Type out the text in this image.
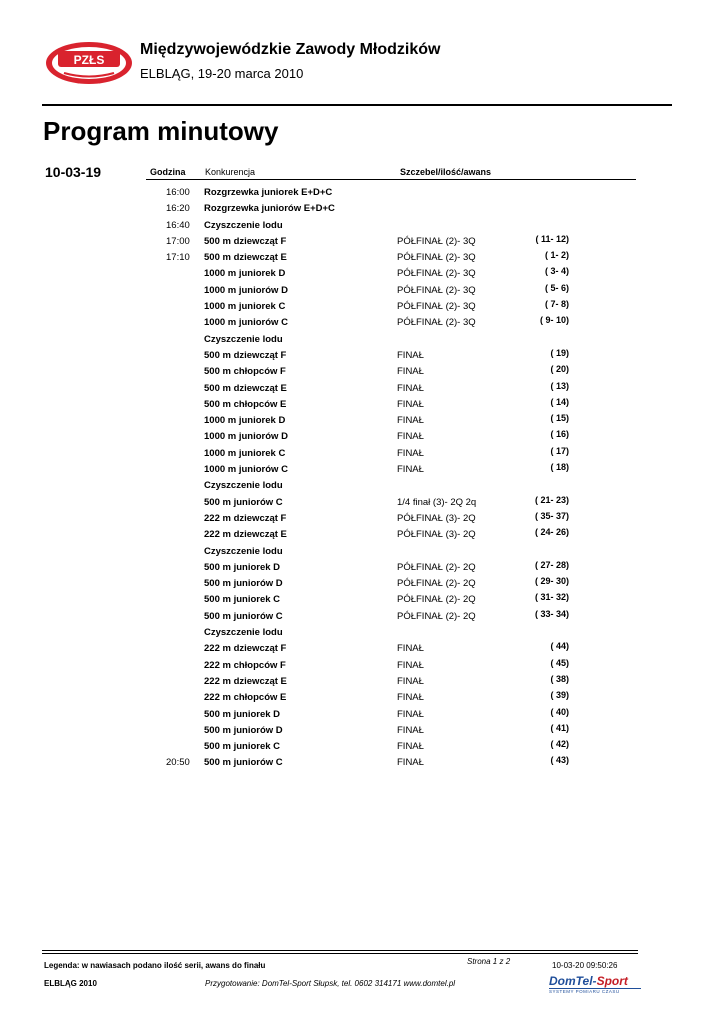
PZŁS
Międzywojewódzkie Zawody Młodzików
ELBLĄG, 19-20 marca 2010
Program minutowy
10-03-19	Godzina Konkurencja	Szczebel/ilość/awans
16:00 Rozgrzewka juniorek E+D+C
16:20 Rozgrzewka juniorów E+D+C
16:40 Czyszczenie lodu
17:00 500 m dziewcząt F	PÓŁFINAŁ (2)- 3Q	( 11- 12)
17:10 500 m dziewcząt E	PÓŁFINAŁ (2)- 3Q	( 1- 2)
1000 m juniorek D	PÓŁFINAŁ (2)- 3Q	( 3- 4)
1000 m juniorów D	PÓŁFINAŁ (2)- 3Q	( 5- 6)
1000 m juniorek C	PÓŁFINAŁ (2)- 3Q	( 7- 8)
1000 m juniorów C	PÓŁFINAŁ (2)- 3Q	( 9- 10)
Czyszczenie lodu
500 m dziewcząt F	FINAŁ	( 19)
500 m chłopców F	FINAŁ	( 20)
500 m dziewcząt E	FINAŁ	( 13)
500 m chłopców E	FINAŁ	( 14)
1000 m juniorek D	FINAŁ	( 15)
1000 m juniorów D	FINAŁ	( 16)
1000 m juniorek C	FINAŁ	( 17)
1000 m juniorów C	FINAŁ	( 18)
Czyszczenie lodu
500 m juniorów C	1/4 finał (3)- 2Q 2q	( 21- 23)
222 m dziewcząt F	PÓŁFINAŁ (3)- 2Q	( 35- 37)
222 m dziewcząt E	PÓŁFINAŁ (3)- 2Q	( 24- 26)
Czyszczenie lodu
500 m juniorek D	PÓŁFINAŁ (2)- 2Q	( 27- 28)
500 m juniorów D	PÓŁFINAŁ (2)- 2Q	( 29- 30)
500 m juniorek C	PÓŁFINAŁ (2)- 2Q	( 31- 32)
500 m juniorów C	PÓŁFINAŁ (2)- 2Q	( 33- 34)
Czyszczenie lodu
222 m dziewcząt F	FINAŁ	( 44)
222 m chłopców F	FINAŁ	( 45)
222 m dziewcząt E	FINAŁ	( 38)
222 m chłopców E	FINAŁ	( 39)
500 m juniorek D	FINAŁ	( 40)
500 m juniorów D	FINAŁ	( 41)
500 m juniorek C	FINAŁ	( 42)
20:50 500 m juniorów C	FINAŁ	( 43)
Legenda: w nawiasach podano ilość serii, awans do finału	Strona 1 z 2	10-03-20 09:50:26
ELBLĄG 2010	Przygotowanie: DomTel-Sport Słupsk, tel. 0602 314171 www.domtel.pl	DomTel-Sport
SYSTEMY POMIARU CZASU
